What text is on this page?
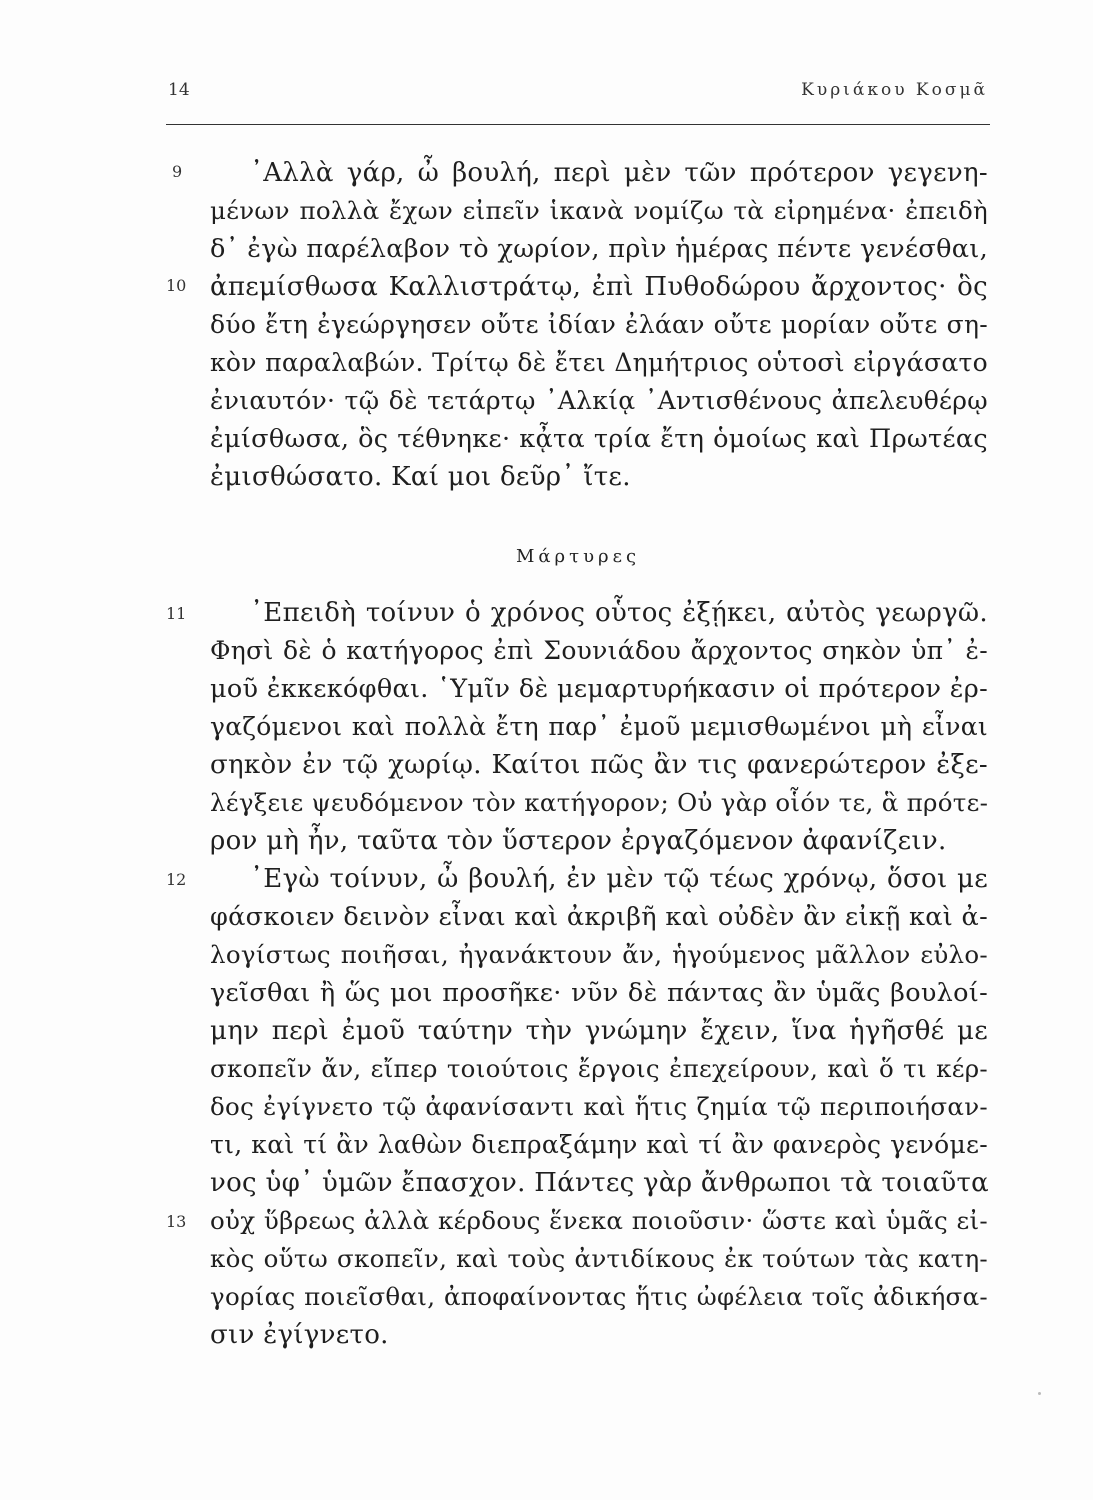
14	Κυριάκου Κοσμᾶ
᾿Αλλὰ γάρ, ὦ βουλή, περὶ μὲν τῶν πρότερον γεγενη-
μένων πολλὰ ἔχων εἰπεῖν ἱκανὰ νομίζω τὰ εἰρημένα· ἐπειδὴ
δ᾿ ἐγὼ παρέλαβον τὸ χωρίον, πρὶν ἡμέρας πέντε γενέσθαι,
ἀπεμίσθωσα Καλλιστράτῳ, ἐπὶ Πυθοδώρου ἄρχοντος· ὃς
δύο ἔτη ἐγεώργησεν οὔτε ἰδίαν ἐλάαν οὔτε μορίαν οὔτε ση-
κὸν παραλαβών. Τρίτῳ δὲ ἔτει Δημήτριος οὑτοσὶ εἰργάσατο
ἐνιαυτόν· τῷ δὲ τετάρτῳ ᾿Αλκίᾳ ᾿Αντισθένους ἀπελευθέρῳ
ἐμίσθωσα, ὃς τέθνηκε· κᾆτα τρία ἔτη ὁμοίως καὶ Πρωτέας
ἐμισθώσατο. Καί μοι δεῦρ᾿ ἴτε.
9
10
Μάρτυρες
᾿Επειδὴ τοίνυν ὁ χρόνος οὗτος ἐξῄκει, αὐτὸς γεωργῶ.
Φησὶ δὲ ὁ κατήγορος ἐπὶ Σουνιάδου ἄρχοντος σηκὸν ὑπ᾿ ἐ-
μοῦ ἐκκεκόφθαι. ῾Υμῖν δὲ μεμαρτυρήκασιν οἱ πρότερον ἐρ-
γαζόμενοι καὶ πολλὰ ἔτη παρ᾿ ἐμοῦ μεμισθωμένοι μὴ εἶναι
σηκὸν ἐν τῷ χωρίῳ. Καίτοι πῶς ἂν τις φανερώτερον ἐξε-
λέγξειε ψευδόμενον τὸν κατήγορον; Οὐ γὰρ οἷόν τε, ἃ πρότε-
ρον μὴ ἦν, ταῦτα τὸν ὕστερον ἐργαζόμενον ἀφανίζειν.
᾿Εγὼ τοίνυν, ὦ βουλή, ἐν μὲν τῷ τέως χρόνῳ, ὅσοι με
φάσκοιεν δεινὸν εἶναι καὶ ἀκριβῆ καὶ οὐδὲν ἂν εἰκῇ καὶ ἀ-
λογίστως ποιῆσαι, ἠγανάκτουν ἄν, ἡγούμενος μᾶλλον εὐλο-
γεῖσθαι ἢ ὥς μοι προσῆκε· νῦν δὲ πάντας ἂν ὑμᾶς βουλοί-
μην περὶ ἐμοῦ ταύτην τὴν γνώμην ἔχειν, ἵνα ἡγῆσθέ με
σκοπεῖν ἄν, εἴπερ τοιούτοις ἔργοις ἐπεχείρουν, καὶ ὅ τι κέρ-
δος ἐγίγνετο τῷ ἀφανίσαντι καὶ ἥτις ζημία τῷ περιποιήσαν-
τι, καὶ τί ἂν λαθὼν διεπραξάμην καὶ τί ἂν φανερὸς γενόμε-
νος ὑφ᾿ ὑμῶν ἔπασχον. Πάντες γὰρ ἄνθρωποι τὰ τοιαῦτα
οὐχ ὕβρεως ἀλλὰ κέρδους ἕνεκα ποιοῦσιν· ὥστε καὶ ὑμᾶς εἰ-
κὸς οὕτω σκοπεῖν, καὶ τοὺς ἀντιδίκους ἐκ τούτων τὰς κατη-
γορίας ποιεῖσθαι, ἀποφαίνοντας ἥτις ὠφέλεια τοῖς ἀδικήσα-
σιν ἐγίγνετο.
11
12
13
